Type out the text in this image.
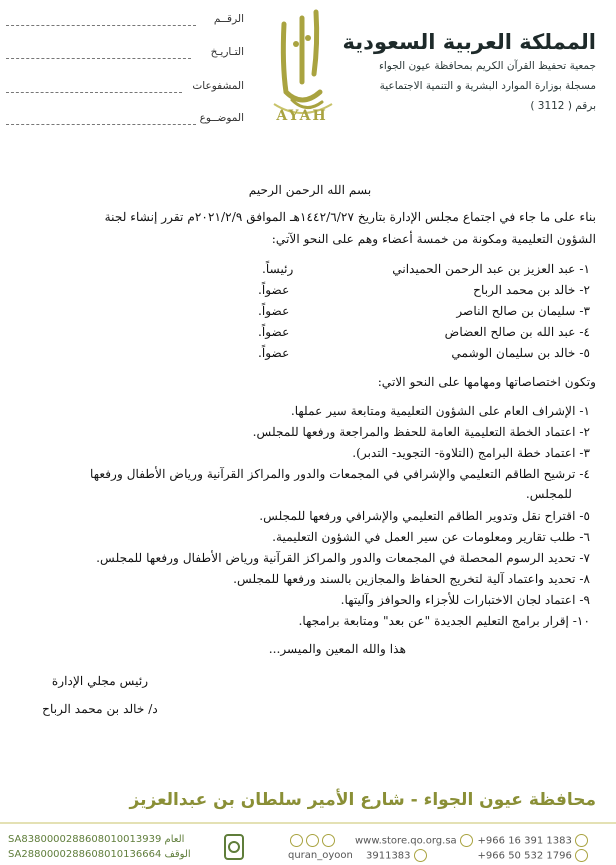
المملكة العربية السعودية
جمعية تحفيظ القرآن الكريم بمحافظة عيون الجواء
مسجلة بوزارة الموارد البشرية و التنمية الاجتماعية
برقم ( 3112 )
AYAH
الرقــم
التـاريـخ
المشفوعات
الموضــوع
بسم الله الرحمن الرحيم
بناء على ما جاء في اجتماع مجلس الإدارة بتاريخ ١٤٤٢/٦/٢٧هـ الموافق ٢٠٢١/٢/٩م تقرر إنشاء لجنة
الشؤون التعليمية ومكونة من خمسة أعضاء وهم على النحو الآتي:
١- عبد العزيز بن عبد الرحمن الحميداني
رئيساً.
٢- خالد بن محمد الرباح
عضواً.
٣- سليمان بن صالح الناصر
عضواً.
٤- عبد الله بن صالح العضاض
عضواً.
٥- خالد بن سليمان الوشمي
عضواً.
وتكون اختصاصاتها ومهامها على النحو الاتي:
١- الإشراف العام على الشؤون التعليمية ومتابعة سير عملها.
٢- اعتماد الخطة التعليمية العامة للحفظ والمراجعة ورفعها للمجلس.
٣- اعتماد خطة البرامج (التلاوة- التجويد- التدبر).
٤- ترشيح الطاقم التعليمي والإشرافي في المجمعات والدور والمراكز القرآنية ورياض الأطفال ورفعها
للمجلس.
٥- اقتراح نقل وتدوير الطاقم التعليمي والإشرافي ورفعها للمجلس.
٦- طلب تقارير ومعلومات عن سير العمل في الشؤون التعليمية.
٧- تحديد الرسوم المحصلة في المجمعات والدور والمراكز القرآنية ورياض الأطفال ورفعها للمجلس.
٨- تحديد واعتماد آلية لتخريج الحفاظ والمجازين بالسند ورفعها للمجلس.
٩- اعتماد لجان الاختبارات للأجزاء والحوافز وآليتها.
١٠- إقرار برامج التعليم الجديدة "عن بعد" ومتابعة برامجها.
هذا والله المعين والميسر...
رئيس مجلي الإدارة
د/ خالد بن محمد الرباح
محافظة عيون الجواء - شارع الأمير سلطان بن عبدالعزيز
+966 16 391 1383
+966 50 532 1796
www.store.qo.org.sa
3911383

quran_oyoon
SA8380000288608010013939 العام
SA2880000288608010136664 الوقف
